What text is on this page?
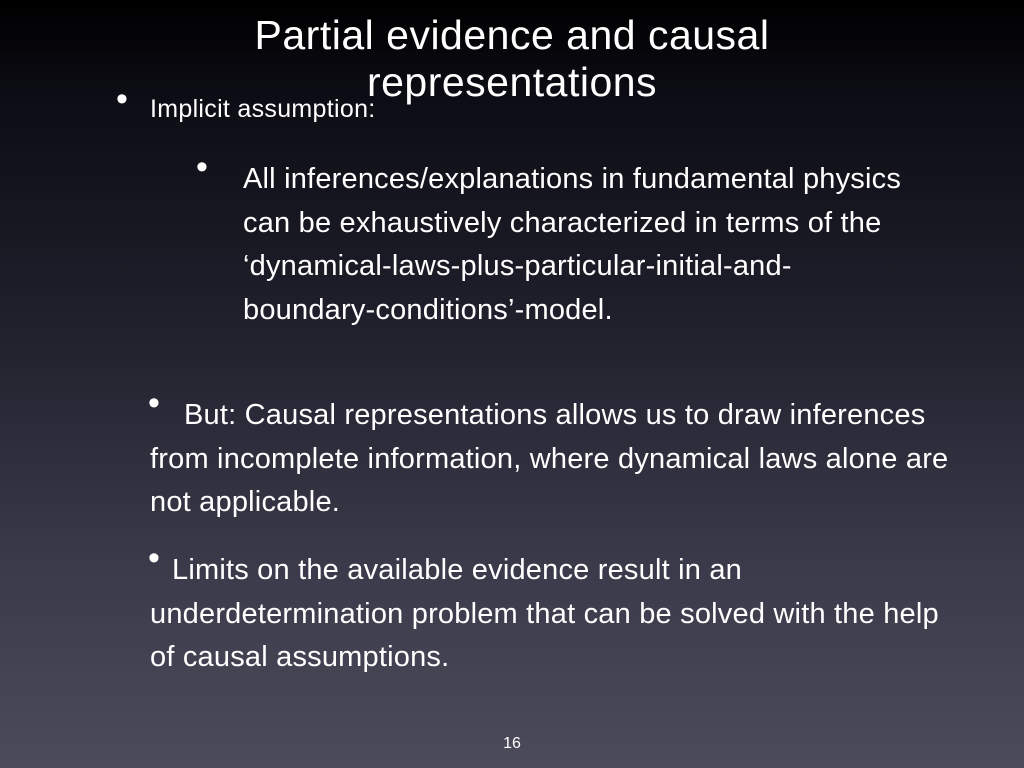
• Implicit assumption:
Partial evidence and causal representations
• All inferences/explanations in fundamental physics can be exhaustively characterized in terms of the ‘dynamical-laws-plus-particular-initial-and-boundary-conditions’-model.
• But: Causal representations allows us to draw inferences from incomplete information, where dynamical laws alone are not applicable.
• Limits on the available evidence result in an underdetermination problem that can be solved with the help of causal assumptions.
16
